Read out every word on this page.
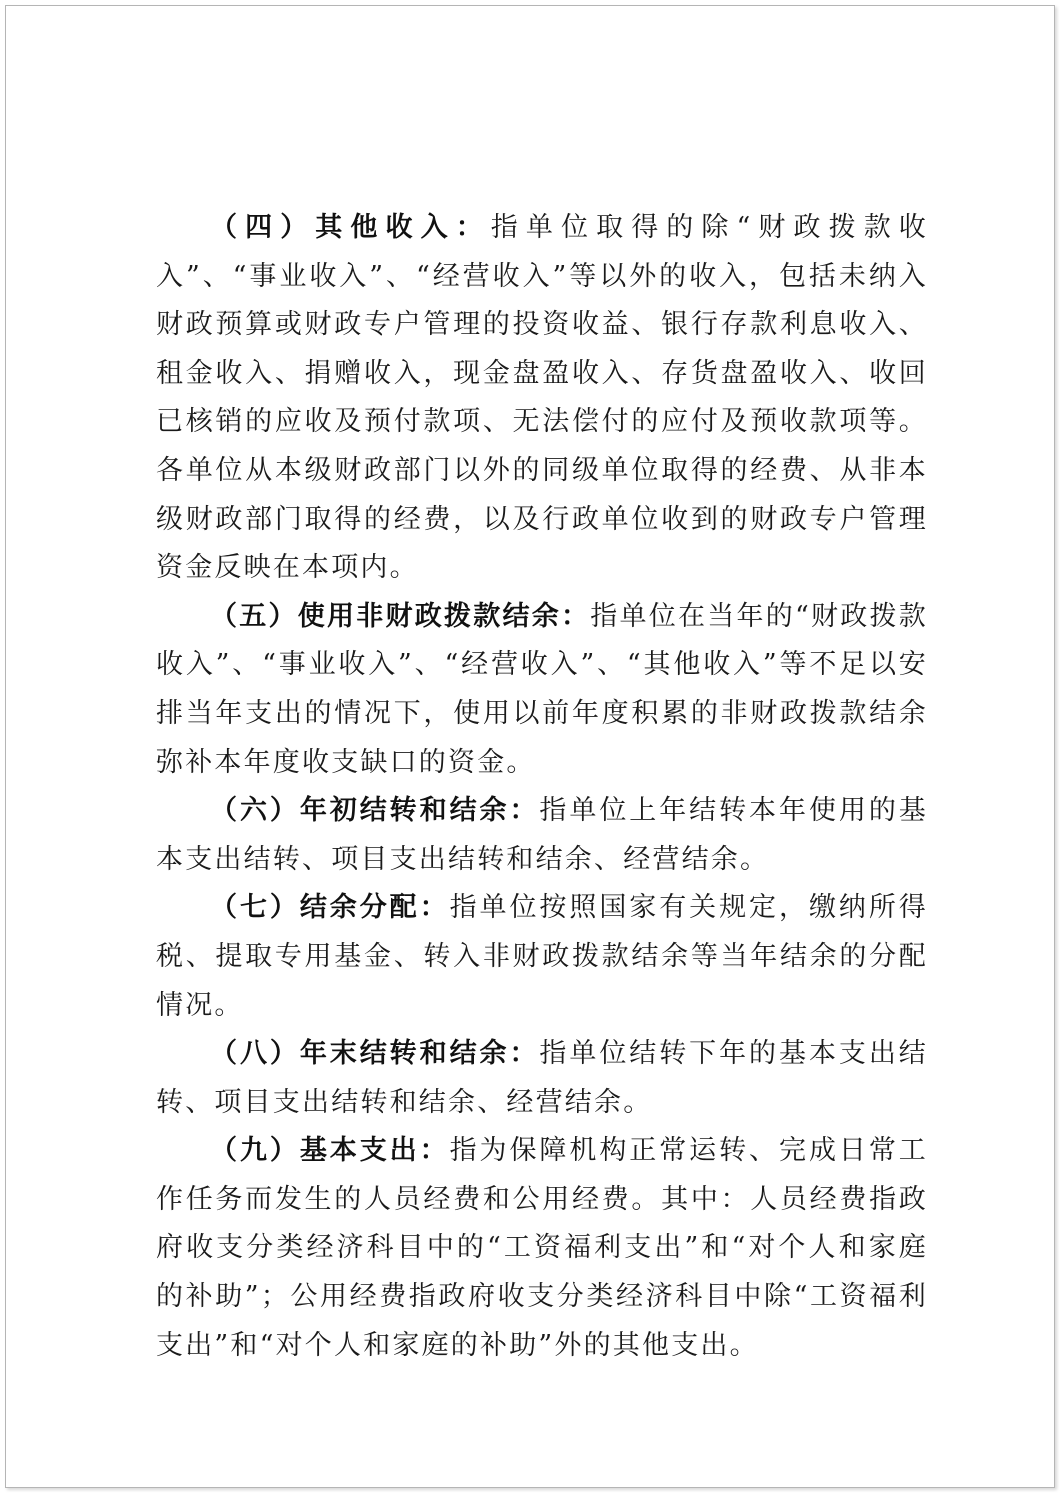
（四）其他收入：指单位取得的除“财政拨款收入”、“事业收入”、“经营收入”等以外的收入，包括未纳入财政预算或财政专户管理的投资收益、银行存款利息收入、租金收入、捐赠收入，现金盘盈收入、存货盘盈收入、收回已核销的应收及预付款项、无法偿付的应付及预收款项等。各单位从本级财政部门以外的同级单位取得的经费、从非本级财政部门取得的经费，以及行政单位收到的财政专户管理资金反映在本项内。

（五）使用非财政拨款结余：指单位在当年的“财政拨款收入”、“事业收入”、“经营收入”、“其他收入”等不足以安排当年支出的情况下，使用以前年度积累的非财政拨款结余弥补本年度收支缺口的资金。

（六）年初结转和结余：指单位上年结转本年使用的基本支出结转、项目支出结转和结余、经营结余。

（七）结余分配：指单位按照国家有关规定，缴纳所得税、提取专用基金、转入非财政拨款结余等当年结余的分配情况。

（八）年末结转和结余：指单位结转下年的基本支出结转、项目支出结转和结余、经营结余。

（九）基本支出：指为保障机构正常运转、完成日常工作任务而发生的人员经费和公用经费。其中：人员经费指政府收支分类经济科目中的“工资福利支出”和“对个人和家庭的补助”；公用经费指政府收支分类经济科目中除“工资福利支出”和“对个人和家庭的补助”外的其他支出。
